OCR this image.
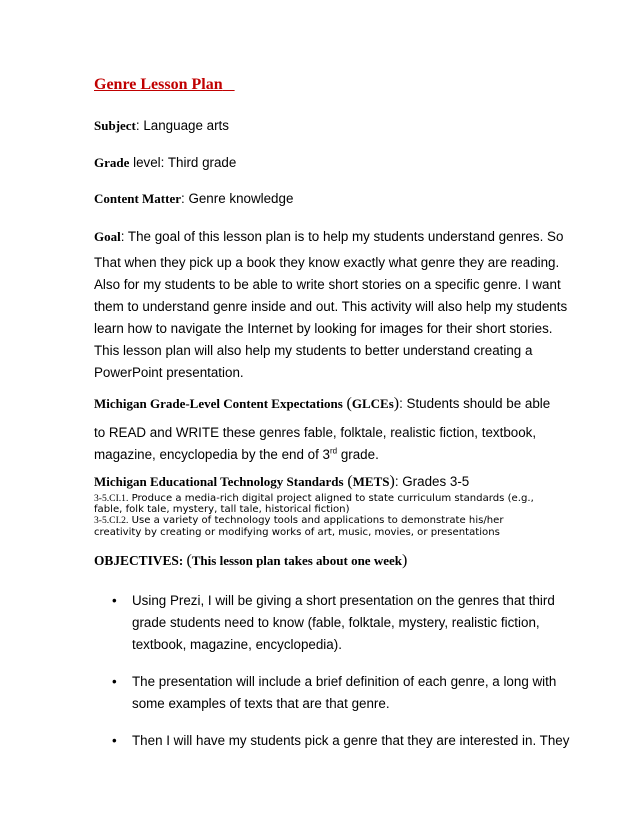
Genre Lesson Plan
Subject: Language arts
Grade level: Third grade
Content Matter: Genre knowledge
Goal: The goal of this lesson plan is to help my students understand genres. So

That when they pick up a book they know exactly what genre they are reading.

Also for my students to be able to write short stories on a specific genre. I want

them to understand genre inside and out. This activity will also help my students

learn how to navigate the Internet by looking for images for their short stories.

This lesson plan will also help my students to better understand creating a

PowerPoint presentation.

Michigan Grade-Level Content Expectations (GLCEs): Students should be able
to READ and WRITE these genres fable, folktale, realistic fiction, textbook,
magazine, encyclopedia by the end of 3rd grade.
Michigan Educational Technology Standards (METS): Grades 3-5

3-5.CI.1. Produce a media-rich digital project aligned to state curriculum standards (e.g., fable, folk tale, mystery, tall tale, historical fiction)

3-5.CI.2. Use a variety of technology tools and applications to demonstrate his/her creativity by creating or modifying works of art, music, movies, or presentations

OBJECTIVES: (This lesson plan takes about one week)
• Using Prezi, I will be giving a short presentation on the genres that third
grade students need to know (fable, folktale, mystery, realistic fiction,
textbook, magazine, encyclopedia).
• The presentation will include a brief definition of each genre, a long with
some examples of texts that are that genre.
• Then I will have my students pick a genre that they are interested in. They
